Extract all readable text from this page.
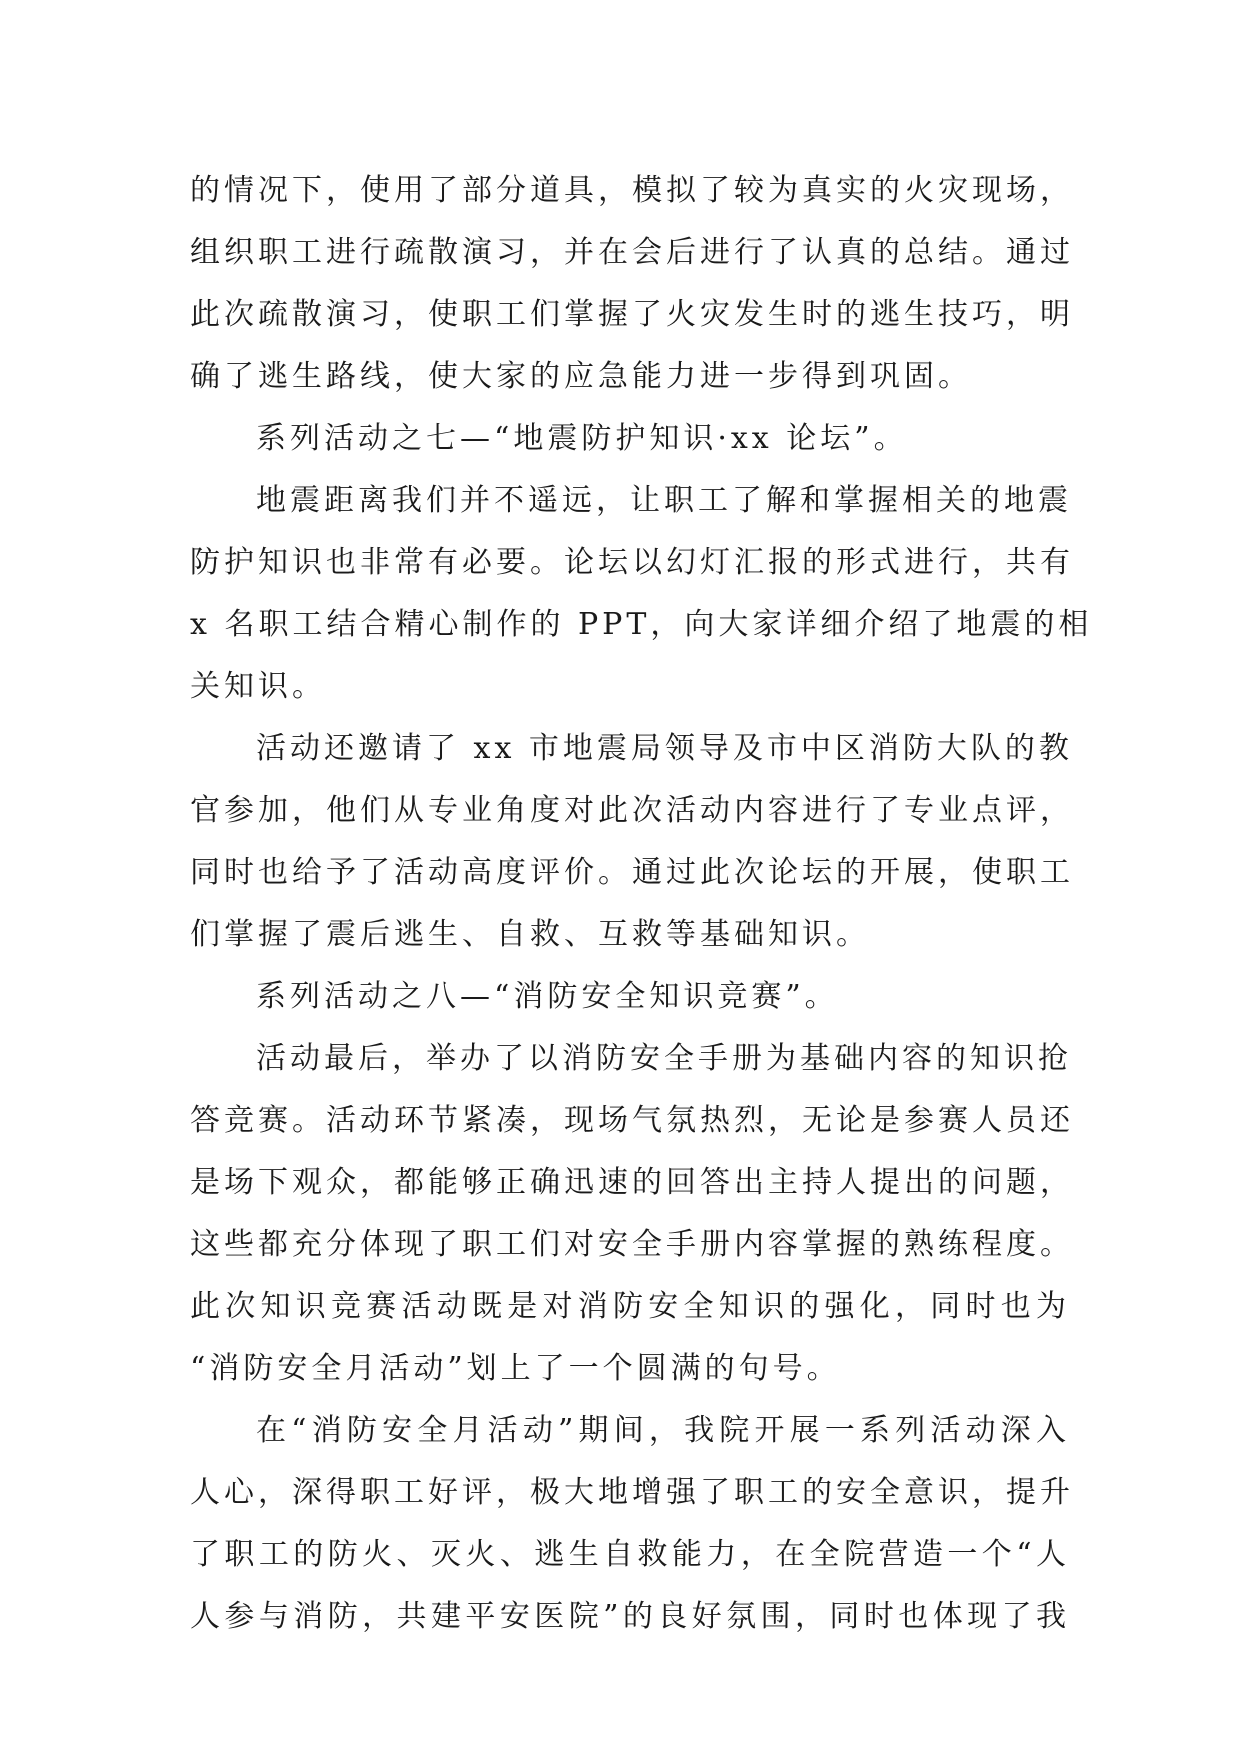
的情况下，使用了部分道具，模拟了较为真实的火灾现场，
组织职工进行疏散演习，并在会后进行了认真的总结。通过
此次疏散演习，使职工们掌握了火灾发生时的逃生技巧，明
确了逃生路线，使大家的应急能力进一步得到巩固。
系列活动之七—“地震防护知识·xx 论坛”。
地震距离我们并不遥远，让职工了解和掌握相关的地震
防护知识也非常有必要。论坛以幻灯汇报的形式进行，共有
x 名职工结合精心制作的 PPT，向大家详细介绍了地震的相
关知识。
活动还邀请了 xx 市地震局领导及市中区消防大队的教
官参加，他们从专业角度对此次活动内容进行了专业点评，
同时也给予了活动高度评价。通过此次论坛的开展，使职工
们掌握了震后逃生、自救、互救等基础知识。
系列活动之八—“消防安全知识竞赛”。
活动最后，举办了以消防安全手册为基础内容的知识抢
答竞赛。活动环节紧凑，现场气氛热烈，无论是参赛人员还
是场下观众，都能够正确迅速的回答出主持人提出的问题，
这些都充分体现了职工们对安全手册内容掌握的熟练程度。
此次知识竞赛活动既是对消防安全知识的强化，同时也为
“消防安全月活动”划上了一个圆满的句号。
在“消防安全月活动”期间，我院开展一系列活动深入
人心，深得职工好评，极大地增强了职工的安全意识，提升
了职工的防火、灭火、逃生自救能力，在全院营造一个“人
人参与消防，共建平安医院”的良好氛围，同时也体现了我
